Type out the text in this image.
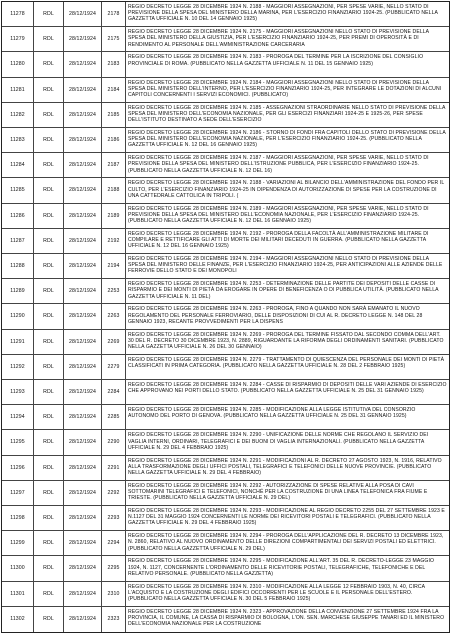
11278	RDL	28/12/1924	2178
REGIO DECRETO LEGGE 28 DICEMBRE 1924 N. 2188 - MAGGIORI ASSEGNAZIONI, PER SPESE VARIE, NELLO STATO DI PREVISIONE DELLA SPESA DEL MINISTERO DELLA MARINA, PER L'ESERCIZIO FINANZIARIO 1924-25. (PUBBLICATO NELLA GAZZETTA UFFICIALE N. 10 DEL 14 GENNAIO 1925)
11279	RDL	28/12/1924	2175
REGIO DECRETO LEGGE 28 DICEMBRE 1924 N. 2175 - MAGGIORI ASSEGNAZIONI NELLO STATO DI PREVISIONE DELLA SPESA DEL MINISTERO DELLA GIUSTIZIA, PER L'ESERCIZIO FINANZIARIO 1924-25, PER PREMI DI OPEROSITÀ E DI RENDIMENTO AL PERSONALE DELL'AMMINISTRAZIONE CARCERARIA
11280	RDL	28/12/1924	2183
REGIO DECRETO LEGGE 28 DICEMBRE 1924 N. 2183 - PROROGA DEL TERMINE PER LA ISCRIZIONE DEL CONSIGLIO PROVINCIALE DI ROMA. (PUBBLICATO NELLA GAZZETTA UFFICIALE N. 11 DEL 15 GENNAIO 1925)
11281	RDL	28/12/1924	2184
REGIO DECRETO LEGGE 28 DICEMBRE 1924 N. 2184 - MAGGIORI ASSEGNAZIONI NELLO STATO DI PREVISIONE DELLA SPESA DEL MINISTERO DELL'INTERNO, PER L'ESERCIZIO FINANZIARIO 1924-25, PER INTEGRARE LE DOTAZIONI DI ALCUNI CAPITOLI CONCERNENTI I SERVIZI ECONOMICI. (PUBBLICATO)
11282	RDL	28/12/1924	2185
REGIO DECRETO LEGGE 28 DICEMBRE 1924 N. 2185 - ASSEGNAZIONI STRAORDINARIE NELLO STATO DI PREVISIONE DELLA SPESA DEL MINISTERO DELL'ECONOMIA NAZIONALE, PER GLI ESERCIZI FINANZIARI 1924-25 E 1925-26, PER SPESE DELL'ISTITUTO DESTINATO A SEDE DELL'ESERCIZIO
11283	RDL	28/12/1924	2186
REGIO DECRETO LEGGE 28 DICEMBRE 1924 N. 2186 - STORNO DI FONDI FRA CAPITOLI DELLO STATO DI PREVISIONE DELLA SPESA DEL MINISTERO DELL'ECONOMIA NAZIONALE, PER L'ESERCIZIO FINANZIARIO 1924-25. (PUBBLICATO NELLA GAZZETTA UFFICIALE N. 12 DEL 16 GENNAIO 1925)
11284	RDL	28/12/1924	2187
REGIO DECRETO LEGGE 28 DICEMBRE 1924 N. 2187 - MAGGIORI ASSEGNAZIONI, PER SPESE VARIE, NELLO STATO DI PREVISIONE DELLA SPESA DEL MINISTERO DELL'ISTRUZIONE PUBBLICA, PER L'ESERCIZIO FINANZIARIO 1924-25. (PUBBLICATO NELLA GAZZETTA UFFICIALE N. 12 DEL 16)
11285	RDL	28/12/1924	2188
REGIO DECRETO LEGGE 28 DICEMBRE 1924 N. 2188 - VARIAZIONI AL BILANCIO DELL'AMMINISTRAZIONE DEL FONDO PER IL CULTO, PER L'ESERCIZIO FINANZIARIO 1924-25 IN DIPENDENZA DI AUTORIZZAZIONE DI SPESE PER LA COSTRUZIONE DI UNA CATTEDRALE CATTOLICA IN TRIPOLI. (
11286	RDL	28/12/1924	2189
REGIO DECRETO LEGGE 28 DICEMBRE 1924 N. 2189 - MAGGIORI ASSEGNAZIONI, PER SPESE VARIE, NELLO STATO DI PREVISIONE DELLA SPESA DEL MINISTERO DELL'ECONOMIA NAZIONALE, PER L'ESERCIZIO FINANZIARIO 1924-25. (PUBBLICATO NELLA GAZZETTA UFFICIALE N. 12 DEL 16 GENNAIO 1925)
11287	RDL	28/12/1924	2192
REGIO DECRETO LEGGE 28 DICEMBRE 1924 N. 2192 - PROROGA DELLA FACOLTÀ ALL'AMMINISTRAZIONE MILITARE DI COMPILARE E RETTIFICARE GLI ATTI DI MORTE DEI MILITARI DECEDUTI IN GUERRA. (PUBBLICATO NELLA GAZZETTA UFFICIALE N. 12 DEL 16 GENNAIO 1925)
11288	RDL	28/12/1924	2194
REGIO DECRETO LEGGE 28 DICEMBRE 1924 N. 2194 - MAGGIORI ASSEGNAZIONI NELLO STATO DI PREVISIONE DELLA SPESA DEL MINISTERO DELLE FINANZE, PER L'ESERCIZIO FINANZIARIO 1924-25, PER ANTICIPAZIONI ALLE AZIENDE DELLE FERROVIE DELLO STATO E DEI MONOPOLI
11289	RDL	28/12/1924	2253
REGIO DECRETO LEGGE 28 DICEMBRE 1924 N. 2253 - DETERMINAZIONE DELLE PARTITE DEI DEPOSITI DELLE CASSE DI RISPARMIO E DEI MONTI DI PIETÀ DA EROGARE IN OPERE DI BENEFICENZA O DI PUBBLICA UTILITÀ. (PUBBLICATO NELLA GAZZETTA UFFICIALE N. 11 DEL)
11290	RDL	28/12/1924	2263
REGIO DECRETO LEGGE 28 DICEMBRE 1924 N. 2263 - PROROGA, FINO A QUANDO NON SARÀ EMANATO IL NUOVO REGOLAMENTO DEL PERSONALE FERROVIARIO, DELLE DISPOSIZIONI DI CUI AL R. DECRETO LEGGE N. 148 DEL 28 GENNAIO 1923, RECANTE PROVVEDIMENTI PER LA DISPENS
11291	RDL	28/12/1924	2269
REGIO DECRETO LEGGE 28 DICEMBRE 1924 N. 2269 - PROROGA DEL TERMINE FISSATO DAL SECONDO COMMA DELL'ART. 30 DEL R. DECRETO 30 DICEMBRE 1923, N. 2889, RIGUARDANTE LA RIFORMA DEGLI ORDINAMENTI SANITARI. (PUBBLICATO NELLA GAZZETTA UFFICIALE N. 26 DEL 30 GENNAIO)
11292	RDL	28/12/1924	2279
REGIO DECRETO LEGGE 28 DICEMBRE 1924 N. 2279 - TRATTAMENTO DI QUIESCENZA DEL PERSONALE DEI MONTI DI PIETÀ CLASSIFICATI IN PRIMA CATEGORIA. (PUBBLICATO NELLA GAZZETTA UFFICIALE N. 28 DEL 2 FEBBRAIO 1925)
11293	RDL	28/12/1924	2284
REGIO DECRETO LEGGE 28 DICEMBRE 1924 N. 2284 - CASSE DI RISPARMIO DI DEPOSITI DELLE VARI AZIENDE DI ESERCIZIO CHE APPROVANO NEI PORTI DELLO STATO. (PUBBLICATO NELLA GAZZETTA UFFICIALE N. 25 DEL 31 GENNAIO 1925)
11294	RDL	28/12/1924	2285
REGIO DECRETO LEGGE 28 DICEMBRE 1924 N. 2285 - MODIFICAZIONE ALLA LEGGE ISTITUTIVA DEL CONSORZIO AUTONOMO DEL PORTO DI GENOVA. (PUBBLICATO NELLA GAZZETTA UFFICIALE N. 25 DEL 31 GENNAIO 1925)
11295	RDL	28/12/1924	2290
REGIO DECRETO LEGGE 28 DICEMBRE 1924 N. 2290 - UNIFICAZIONE DELLE NORME CHE REGOLANO IL SERVIZIO DEI VAGLIA INTERNI, ORDINARI, TELEGRAFICI E DEI BUONI DI VAGLIA INTERNAZIONALI. (PUBBLICATO NELLA GAZZETTA UFFICIALE N. 29 DEL 4 FEBBRAIO 1925)
11296	RDL	28/12/1924	2291
REGIO DECRETO LEGGE 28 DICEMBRE 1924 N. 2291 - MODIFICAZIONI AL R. DECRETO 27 AGOSTO 1923, N. 1916, RELATIVO ALLA TRASFORMAZIONE DEGLI UFFICI POSTALI, TELEGRAFICI E TELEFONICI DELLE NUOVE PROVINCIE. (PUBBLICATO NELLA GAZZETTA UFFICIALE N. 29 DEL 4 FEBBRAIO)
11297	RDL	28/12/1924	2292
REGIO DECRETO LEGGE 28 DICEMBRE 1924 N. 2292 - AUTORIZZAZIONE DI SPESE RELATIVE ALLA POSA DI CAVI SOTTOMARINI TELEGRAFICI E TELEFONICI, NONCHÉ PER LA COSTRUZIONE DI UNA LINEA TELEFONICA FRA FIUME E TRIESTE. (PUBBLICATO NELLA GAZZETTA UFFICIALE N. 29 DEL)
11298	RDL	28/12/1924	2293
REGIO DECRETO LEGGE 28 DICEMBRE 1924 N. 2293 - MODIFICAZIONE AL REGIO DECRETO 2255 DEL 27 SETTEMBRE 1923 E N.1127 DEL 31 MAGGIO 1924 CONCERNENTI LE NORME DEI RICEVITORI POSTALI E TELEGRAFICI. (PUBBLICATO NELLA GAZZETTA UFFICIALE N. 29 DEL 4 FEBBRAIO 1925)
11299	RDL	28/12/1924	2294
REGIO DECRETO LEGGE 28 DICEMBRE 1924 N. 2294 - PROROGA DELL'APPLICAZIONE DEL R. DECRETO 13 DICEMBRE 1923, N. 2860, RELATIVO AL NUOVO ORDINAMENTO DELLE DIREZIONI COMPARTIMENTALI DEI SERVIZI POSTALI ED ELETTRICI. (PUBBLICATO NELLA GAZZETTA UFFICIALE N. 29 DEL)
11300	RDL	28/12/1924	2295
REGIO DECRETO LEGGE 28 DICEMBRE 1924 N. 2295 - MODIFICAZIONE ALL'ART. 35 DEL R. DECRETO-LEGGE 23 MAGGIO 1924, N. 1127, CONCERNENTE L'ORDINAMENTO DELLE RICEVITORIE POSTALI, TELEGRAFICHE, TELEFONICHE E DEL RELATIVO PERSONALE. (PUBBLICATO NELLA GAZZETTA)
11301	RDL	28/12/1924	2310
REGIO DECRETO LEGGE 28 DICEMBRE 1924 N. 2310 - MODIFICAZIONE ALLA LEGGE 12 FEBBRAIO 1903, N. 40, CIRCA L'ACQUISTO E LA COSTRUZIONE DEGLI EDIFICI OCCORRENTI PER LE SCUOLE E IL PERSONALE DELL'ESTERO. (PUBBLICATO NELLA GAZZETTA UFFICIALE N. 30 DEL 5 FEBBRAIO 1925)
11302	RDL	28/12/1924	2323
REGIO DECRETO LEGGE 28 DICEMBRE 1924 N. 2323 - APPROVAZIONE DELLA CONVENZIONE 27 SETTEMBRE 1924 FRA LA PROVINCIA, IL COMUNE, LA CASSA DI RISPARMIO DI BOLOGNA, L'ON. SEN. MARCHESE GIUSEPPE TANARI ED IL MINISTERO DELL'ECONOMIA NAZIONALE PER LA COSTRUZIONE
